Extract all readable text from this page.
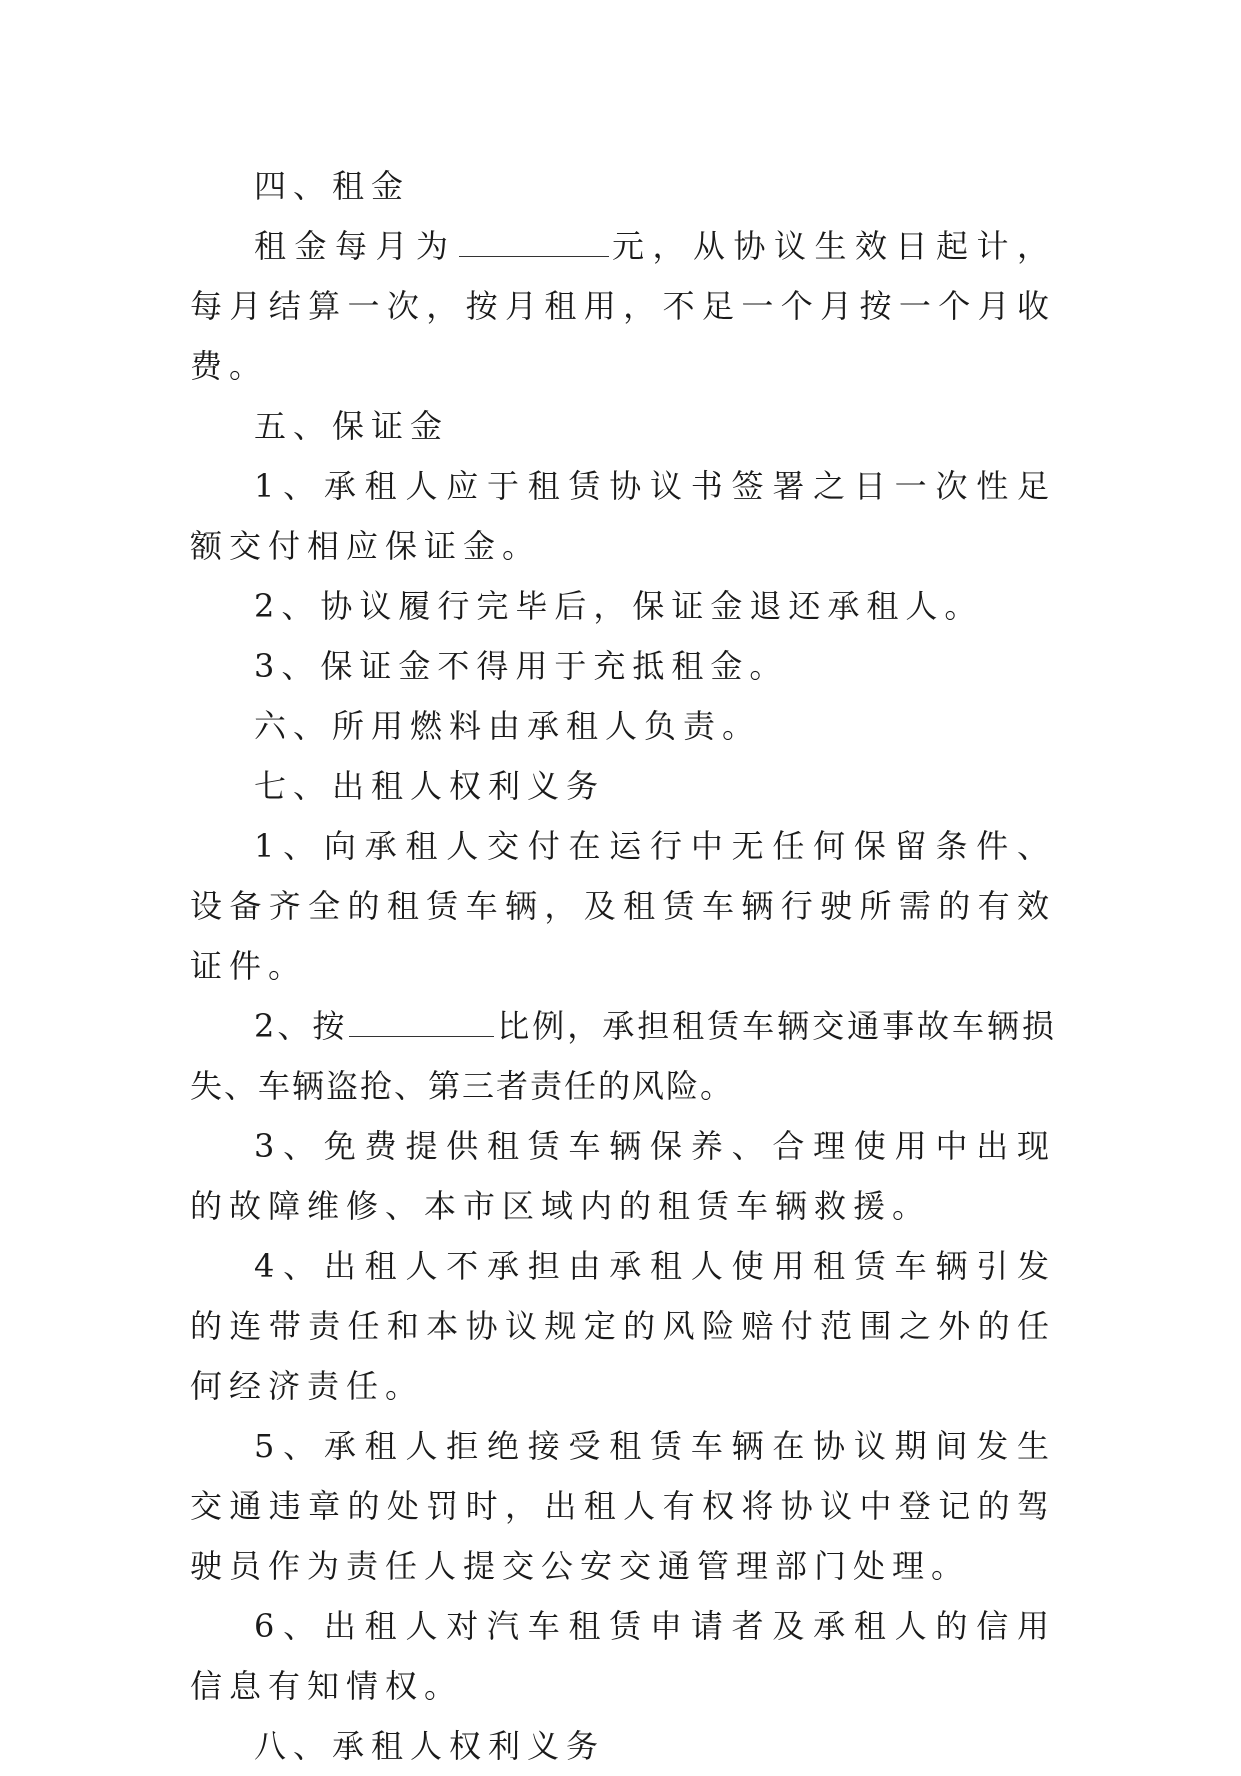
四、租金

租金每月为	元，从协议生效日起计，每月结算一次，按月租用，不足一个月按一个月收费。

五、保证金

1、承租人应于租赁协议书签署之日一次性足额交付相应保证金。

2、协议履行完毕后，保证金退还承租人。

3、保证金不得用于充抵租金。

六、所用燃料由承租人负责。

七、出租人权利义务

1、向承租人交付在运行中无任何保留条件、设备齐全的租赁车辆，及租赁车辆行驶所需的有效证件。

2、按	比例，承担租赁车辆交通事故车辆损失、车辆盗抢、第三者责任的风险。

3、免费提供租赁车辆保养、合理使用中出现的故障维修、本市区域内的租赁车辆救援。

4、出租人不承担由承租人使用租赁车辆引发的连带责任和本协议规定的风险赔付范围之外的任何经济责任。

5、承租人拒绝接受租赁车辆在协议期间发生交通违章的处罚时，出租人有权将协议中登记的驾驶员作为责任人提交公安交通管理部门处理。

6、出租人对汽车租赁申请者及承租人的信用信息有知情权。

八、承租人权利义务
